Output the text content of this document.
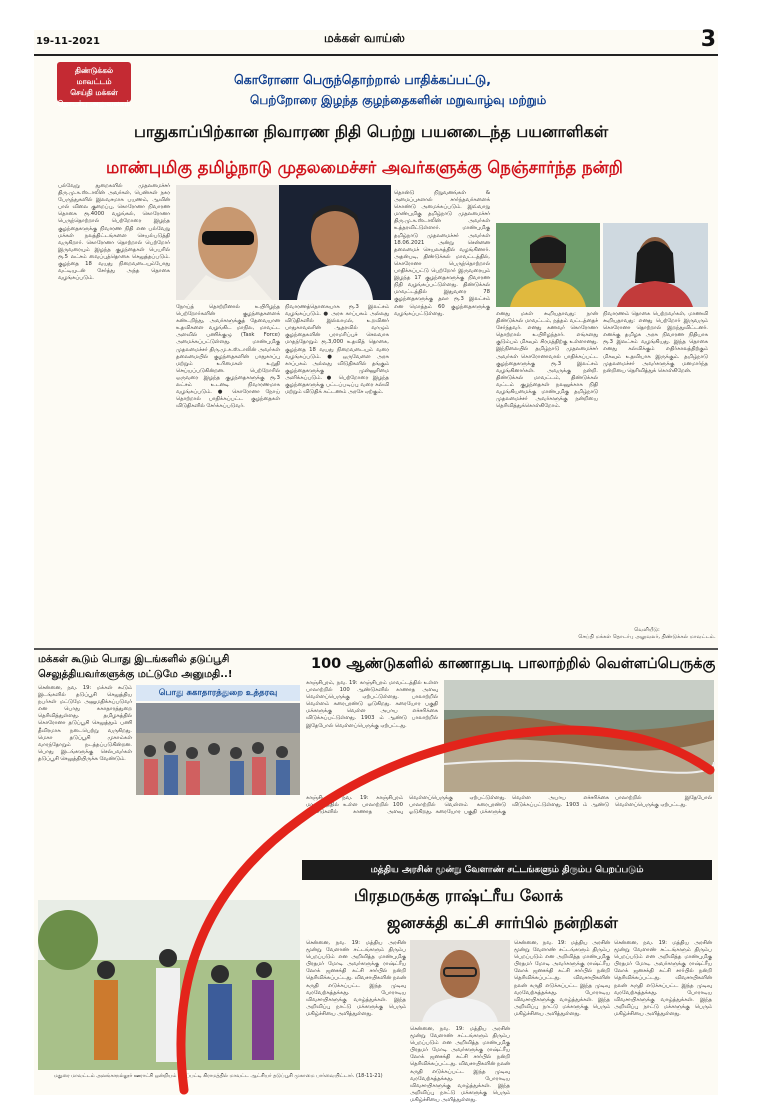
19-11-2021	மக்கள் வாய்ஸ்	3
திண்டுக்கல் மாவட்டம்
செய்தி மக்கள்
தொடர்பு அலுவலகம்
கொரோனா பெருந்தொற்றால் பாதிக்கப்பட்டு,
பெற்றோரை இழந்த குழந்தைகளின் மறுவாழ்வு மற்றும்
பாதுகாப்பிற்கான நிவாரண நிதி பெற்று பயனடைந்த பயனாளிகள்
மாண்புமிகு தமிழ்நாடு முதலமைச்சர் அவர்களுக்கு நெஞ்சார்ந்த நன்றி

பல்வேறு துறைகளில் முதலமைச்சர் திரு.மு.க.ஸ்டாலின் அவர்கள், பெண்கள் நகர பேருந்துகளில் இலவசமாக பயணம், ஆவின் பால் விலை குறைப்பு, கொரோனா நிவாரண தொகை ரூ.4000 வழங்கல், கொரோனா பெருந்தொற்றால் பெற்றோரை இழந்த குழந்தைகளுக்கு நிவாரண நிதி என பல்வேறு மக்கள் நலத்திட்டங்களை செயல்படுத்தி வருகிறார். கொரோனா தொற்றால் பெற்றோர் இருவரையும் இழந்த குழந்தைகள் பெயரில் ரூ.5 லட்சம் வைப்புத்தொகை செலுத்தப்படும். குழந்தை 18 வயது நிறைவடையும்போது வட்டியுடன் சேர்த்து அந்த தொகை வழங்கப்படும்.

நோய்த் தொற்றினால் உயிரிழந்த பெற்றோர்களின் குழந்தைகளைக் கண்டறிந்து, அவர்களுக்குத் தேவையான உதவிகளை வழங்கிட மாநில, மாவட்ட அளவில் பணிக்குழு (Task Force) அமைக்கப்பட்டுள்ளது. மாண்புமிகு முதலமைச்சர் திரு.மு.க.ஸ்டாலின் அவர்கள் தலைமையில் குழந்தைகளின் பாதுகாப்பு மற்றும் உரிமைகள் உறுதி செய்யப்படுகின்றன. பெற்றோரில் ஒருவரை இழந்த குழந்தைகளுக்கு ரூ.3 லட்சம் உடனடி நிவாரணமாக வழங்கப்படும். ● கொரோனா நோய் தொற்றால் பாதிக்கப்பட்ட குழந்தைகள் விடுதிகளில் சேர்க்கப்படுவர்.

நிவாரணத்தொகையாக ரூ.3 இலட்சம் வழங்கப்படும். ● அரசு காப்பகம் அல்லது விடுதிகளில் இல்லாமல், உறவினர் பாதுகாவலரின் ஆதரவில் வாழும் குழந்தைகளின் பராமரிப்புச் செலவாக மாதந்தோறும் ரூ.3,000 உதவித் தொகை, குழந்தை 18 வயது நிறைவடையும் வரை வழங்கப்படும். ● ஒருவேளை அரசு காப்பகம் அல்லது விடுதிகளில் தங்கும் குழந்தைகளுக்கு முன்னுரிமை அளிக்கப்படும். ● பெற்றோரை இழந்த குழந்தைகளுக்கு பட்டப்படிப்பு வரை கல்வி மற்றும் விடுதிக் கட்டணம் அரசே ஏற்கும்.

தொன்டு நிறுவனங்கள் & அமைப்புகளால் சார்ந்தவர்களைக் கொண்டு அமைக்கப்படும். இவ்வாறு மாண்புமிகு தமிழ்நாடு முதலமைச்சர் திரு.மு.க.ஸ்டாலின் அவர்கள் உத்தரவிட்டுள்ளார். மாண்புமிகு தமிழ்நாடு முதலமைச்சர் அவர்கள் 18.06.2021 அன்று சென்னை தலைமைச் செயலகத்தில் வழங்கினார். அதன்படி, திண்டுக்கல் மாவட்டத்தில், கொரோனா பெருந்தொற்றால் பாதிக்கப்பட்டு பெற்றோர் இருவரையும் இழந்த 17 குழந்தைகளுக்கு நிவாரண நிதி வழங்கப்பட்டுள்ளது. திண்டுக்கல் மாவட்டத்தில் இதுவரை 78 குழந்தைகளுக்கு தலா ரூ.3 இலட்சம் என மொத்தம் 60 குழந்தைகளுக்கு வழங்கப்பட்டுள்ளது.	எனது மகள் கூறியதாவது: நான் திண்டுக்கல் மாவட்டம், நத்தம் வட்டத்தைச் சேர்ந்தவர். எனது கணவர் கொரோனா தொற்றால் உயிரிழந்தார். எங்களது குடும்பம் மிகவும் சிரமத்திற்கு உள்ளானது. இந்நிலையில் தமிழ்நாடு முதலமைச்சர் அவர்கள் கொரோனாவால் பாதிக்கப்பட்ட குழந்தைகளுக்கு ரூ.3 இலட்சம் வழங்கினார்கள். அவருக்கு நன்றி. திண்டுக்கல் மாவட்டம், திண்டுக்கல் வட்டம் குழந்தைகள் நலனுக்காக நிதி வழங்கியமைக்கு மாண்புமிகு தமிழ்நாடு முதலமைச்சர் அவர்களுக்கு நன்றியை தெரிவித்துக்கொள்கிறோம்.

நிவாரணம் தொகை பெற்றவர்கள், மாணவி கூறியதாவது: எனது பெற்றோர் இருவரும் கொரோனா தொற்றால் இறந்துவிட்டனர். எனக்கு தமிழக அரசு நிவாரண நிதியாக ரூ.3 இலட்சம் வழங்கியது. இந்த தொகை எனது கல்விக்கும் எதிர்காலத்திற்கும் மிகவும் உதவியாக இருக்கும். தமிழ்நாடு முதலமைச்சர் அவர்களுக்கு மனமார்ந்த நன்றியை தெரிவித்துக் கொள்கிறேன்.

வெளியீடு:
செய்தி மக்கள் தொடர்பு அலுவலர், திண்டுக்கல் மாவட்டம்.
மக்கள் கூடும் பொது இடங்களில் தடுப்பூசி செலுத்தியவர்களுக்கு மட்டுமே அனுமதி..!
பொது சுகாதாரத்துறை உத்தரவு

சென்னை, நவ. 19: மக்கள் கூடும் இடங்களில் தடுப்பூசி செலுத்திய நபர்கள் மட்டுமே அனுமதிக்கப்படுவர் என பொது சுகாதாரத்துறை தெரிவித்துள்ளது. தமிழகத்தில் கொரோனா தடுப்பூசி செலுத்தும் பணி தீவிரமாக நடைபெற்று வருகிறது. மெகா தடுப்பூசி முகாம்கள் வாரந்தோறும் நடத்தப்படுகின்றன. பொது இடங்களுக்கு செல்பவர்கள் தடுப்பூசி செலுத்தியிருக்க வேண்டும்.

100 ஆண்டுகளில் காணாதபடி பாலாற்றில் வெள்ளப்பெருக்கு

காஞ்சிபுரம், நவ. 19: காஞ்சிபுரம் மாவட்டத்தில் உள்ள பாலாற்றில் 100 ஆண்டுகளில் காணாத அளவு வெள்ளப்பெருக்கு ஏற்பட்டுள்ளது. பாலாற்றில் வெள்ளம் கரைபுரண்டு ஓடுகிறது. கரையோர பகுதி மக்களுக்கு வெள்ள அபாய எச்சரிக்கை விடுக்கப்பட்டுள்ளது. 1903 ம் ஆண்டு பாலாற்றில் இதேபோல் வெள்ளப்பெருக்கு ஏற்பட்டது.

காஞ்சிபுரம், நவ. 19: காஞ்சிபுரம் மாவட்டத்தில் உள்ள பாலாற்றில் 100 ஆண்டுகளில் காணாத அளவு வெள்ளப்பெருக்கு ஏற்பட்டுள்ளது. பாலாற்றில் வெள்ளம் கரைபுரண்டு ஓடுகிறது. கரையோர பகுதி மக்களுக்கு வெள்ள அபாய எச்சரிக்கை விடுக்கப்பட்டுள்ளது. 1903 ம் ஆண்டு பாலாற்றில் இதேபோல் வெள்ளப்பெருக்கு ஏற்பட்டது.

மத்திய அரசின் மூன்று வேளாண் சட்டங்களும் திரும்ப பெறப்படும்
பிரதமருக்கு ராஷ்ட்ரீய லோக்
ஜனசக்தி கட்சி சார்பில் நன்றிகள்

சென்னை, நவ. 19: மத்திய அரசின் மூன்று வேளாண் சட்டங்களும் திரும்ப பெறப்படும் என அறிவித்த மாண்புமிகு பிரதமர் மோடி அவர்களுக்கு ராஷ்ட்ரீய லோக் ஜனசக்தி கட்சி சார்பில் நன்றி தெரிவிக்கப்பட்டது. விவசாயிகளின் நலன் கருதி எடுக்கப்பட்ட இந்த முடிவு வரவேற்கத்தக்கது. போராடிய விவசாயிகளுக்கு வாழ்த்துக்கள். இந்த அறிவிப்பு நாட்டு மக்களுக்கு பெரும் மகிழ்ச்சியை அளித்துள்ளது.

சென்னை, நவ. 19: மத்திய அரசின் மூன்று வேளாண் சட்டங்களும் திரும்ப பெறப்படும் என அறிவித்த மாண்புமிகு பிரதமர் மோடி அவர்களுக்கு ராஷ்ட்ரீய லோக் ஜனசக்தி கட்சி சார்பில் நன்றி தெரிவிக்கப்பட்டது. விவசாயிகளின் நலன் கருதி எடுக்கப்பட்ட இந்த முடிவு வரவேற்கத்தக்கது. போராடிய விவசாயிகளுக்கு வாழ்த்துக்கள். இந்த அறிவிப்பு நாட்டு மக்களுக்கு பெரும் மகிழ்ச்சியை அளித்துள்ளது.

சென்னை, நவ. 19: மத்திய அரசின் மூன்று வேளாண் சட்டங்களும் திரும்ப பெறப்படும் என அறிவித்த மாண்புமிகு பிரதமர் மோடி அவர்களுக்கு ராஷ்ட்ரீய லோக் ஜனசக்தி கட்சி சார்பில் நன்றி தெரிவிக்கப்பட்டது. விவசாயிகளின் நலன் கருதி எடுக்கப்பட்ட இந்த முடிவு வரவேற்கத்தக்கது. போராடிய விவசாயிகளுக்கு வாழ்த்துக்கள். இந்த அறிவிப்பு நாட்டு மக்களுக்கு பெரும் மகிழ்ச்சியை அளித்துள்ளது.

சென்னை, நவ. 19: மத்திய அரசின் மூன்று வேளாண் சட்டங்களும் திரும்ப பெறப்படும் என அறிவித்த மாண்புமிகு பிரதமர் மோடி அவர்களுக்கு ராஷ்ட்ரீய லோக் ஜனசக்தி கட்சி சார்பில் நன்றி தெரிவிக்கப்பட்டது. விவசாயிகளின் நலன் கருதி எடுக்கப்பட்ட இந்த முடிவு வரவேற்கத்தக்கது. போராடிய விவசாயிகளுக்கு வாழ்த்துக்கள். இந்த அறிவிப்பு நாட்டு மக்களுக்கு பெரும் மகிழ்ச்சியை அளித்துள்ளது.

மதுரை மாவட்டம் அலங்காநல்லூர் ஊராட்சி ஒன்றியம் புதுப்பட்டி கிராமத்தில் மாவட்ட ஆட்சியர் தடுப்பூசி முகாமை பார்வையிட்டார். (18-11-21)
